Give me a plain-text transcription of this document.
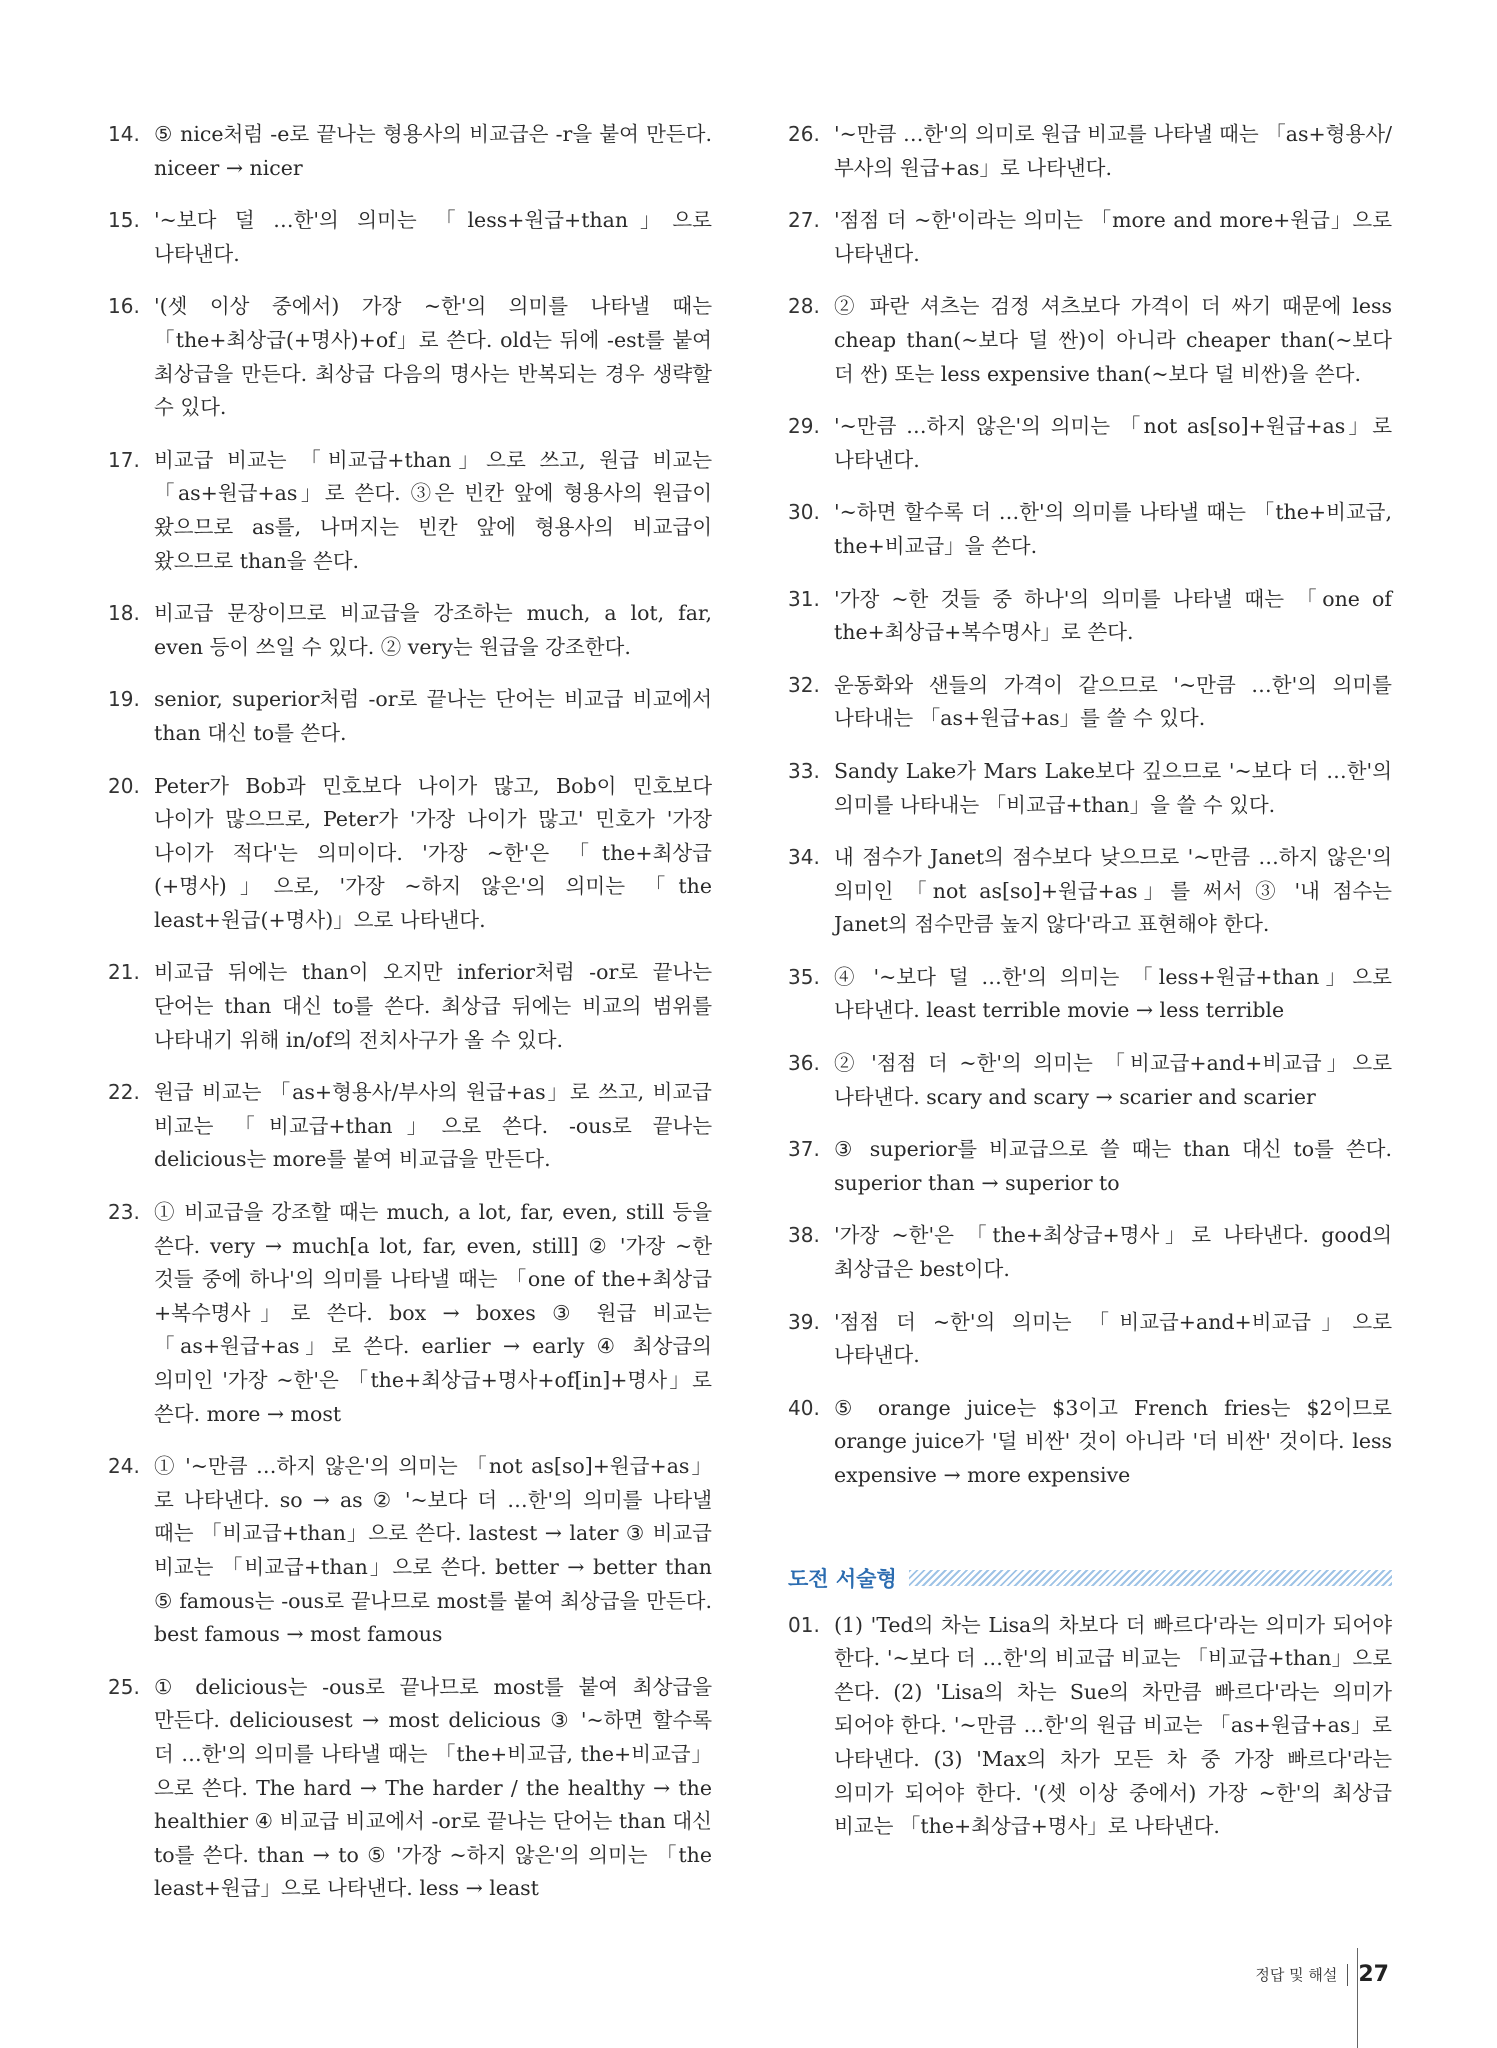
14. ⑤ nice처럼 -e로 끝나는 형용사의 비교급은 -r을 붙여 만든다. niceer → nicer
15. '~보다 덜 …한'의 의미는 「less+원급+than」으로 나타낸다.
16. '(셋 이상 중에서) 가장 ~한'의 의미를 나타낼 때는 「the+최상급(+명사)+of」로 쓴다. old는 뒤에 -est를 붙여 최상급을 만든다. 최상급 다음의 명사는 반복되는 경우 생략할 수 있다.
17. 비교급 비교는 「비교급+than」으로 쓰고, 원급 비교는 「as+원급+as」로 쓴다. ③은 빈칸 앞에 형용사의 원급이 왔으므로 as를, 나머지는 빈칸 앞에 형용사의 비교급이 왔으므로 than을 쓴다.
18. 비교급 문장이므로 비교급을 강조하는 much, a lot, far, even 등이 쓰일 수 있다. ② very는 원급을 강조한다.
19. senior, superior처럼 -or로 끝나는 단어는 비교급 비교에서 than 대신 to를 쓴다.
20. Peter가 Bob과 민호보다 나이가 많고, Bob이 민호보다 나이가 많으므로, Peter가 '가장 나이가 많고' 민호가 '가장 나이가 적다'는 의미이다. '가장 ~한'은 「the+최상급(+명사)」으로, '가장 ~하지 않은'의 의미는 「the least+원급(+명사)」으로 나타낸다.
21. 비교급 뒤에는 than이 오지만 inferior처럼 -or로 끝나는 단어는 than 대신 to를 쓴다. 최상급 뒤에는 비교의 범위를 나타내기 위해 in/of의 전치사구가 올 수 있다.
22. 원급 비교는 「as+형용사/부사의 원급+as」로 쓰고, 비교급 비교는 「비교급+than」으로 쓴다. -ous로 끝나는 delicious는 more를 붙여 비교급을 만든다.
23. ① 비교급을 강조할 때는 much, a lot, far, even, still 등을 쓴다. very → much[a lot, far, even, still] ② '가장 ~한 것들 중에 하나'의 의미를 나타낼 때는 「one of the+최상급+복수명사」로 쓴다. box → boxes ③ 원급 비교는 「as+원급+as」로 쓴다. earlier → early ④ 최상급의 의미인 '가장 ~한'은 「the+최상급+명사+of[in]+명사」로 쓴다. more → most
24. ① '~만큼 …하지 않은'의 의미는 「not as[so]+원급+as」로 나타낸다. so → as ② '~보다 더 …한'의 의미를 나타낼 때는 「비교급+than」으로 쓴다. lastest → later ③ 비교급 비교는 「비교급+than」으로 쓴다. better → better than ⑤ famous는 -ous로 끝나므로 most를 붙여 최상급을 만든다. best famous → most famous
25. ① delicious는 -ous로 끝나므로 most를 붙여 최상급을 만든다. deliciousest → most delicious ③ '~하면 할수록 더 …한'의 의미를 나타낼 때는 「the+비교급, the+비교급」으로 쓴다. The hard → The harder / the healthy → the healthier ④ 비교급 비교에서 -or로 끝나는 단어는 than 대신 to를 쓴다. than → to ⑤ '가장 ~하지 않은'의 의미는 「the least+원급」으로 나타낸다. less → least
26. '~만큼 …한'의 의미로 원급 비교를 나타낼 때는 「as+형용사/부사의 원급+as」로 나타낸다.
27. '점점 더 ~한'이라는 의미는 「more and more+원급」으로 나타낸다.
28. ② 파란 셔츠는 검정 셔츠보다 가격이 더 싸기 때문에 less cheap than(~보다 덜 싼)이 아니라 cheaper than(~보다 더 싼) 또는 less expensive than(~보다 덜 비싼)을 쓴다.
29. '~만큼 …하지 않은'의 의미는 「not as[so]+원급+as」로 나타낸다.
30. '~하면 할수록 더 …한'의 의미를 나타낼 때는 「the+비교급, the+비교급」을 쓴다.
31. '가장 ~한 것들 중 하나'의 의미를 나타낼 때는 「one of the+최상급+복수명사」로 쓴다.
32. 운동화와 샌들의 가격이 같으므로 '~만큼 …한'의 의미를 나타내는 「as+원급+as」를 쓸 수 있다.
33. Sandy Lake가 Mars Lake보다 깊으므로 '~보다 더 …한'의 의미를 나타내는 「비교급+than」을 쓸 수 있다.
34. 내 점수가 Janet의 점수보다 낮으므로 '~만큼 …하지 않은'의 의미인 「not as[so]+원급+as」를 써서 ③ '내 점수는 Janet의 점수만큼 높지 않다'라고 표현해야 한다.
35. ④ '~보다 덜 …한'의 의미는 「less+원급+than」으로 나타낸다. least terrible movie → less terrible
36. ② '점점 더 ~한'의 의미는 「비교급+and+비교급」으로 나타낸다. scary and scary → scarier and scarier
37. ③ superior를 비교급으로 쓸 때는 than 대신 to를 쓴다. superior than → superior to
38. '가장 ~한'은 「the+최상급+명사」로 나타낸다. good의 최상급은 best이다.
39. '점점 더 ~한'의 의미는 「비교급+and+비교급」으로 나타낸다.
40. ⑤ orange juice는 $3이고 French fries는 $2이므로 orange juice가 '덜 비싼' 것이 아니라 '더 비싼' 것이다. less expensive → more expensive
도전 서술형
01. (1) 'Ted의 차는 Lisa의 차보다 더 빠르다'라는 의미가 되어야 한다. '~보다 더 …한'의 비교급 비교는 「비교급+than」으로 쓴다. (2) 'Lisa의 차는 Sue의 차만큼 빠르다'라는 의미가 되어야 한다. '~만큼 …한'의 원급 비교는 「as+원급+as」로 나타낸다. (3) 'Max의 차가 모든 차 중 가장 빠르다'라는 의미가 되어야 한다. '(셋 이상 중에서) 가장 ~한'의 최상급 비교는 「the+최상급+명사」로 나타낸다.
정답 및 해설 27
